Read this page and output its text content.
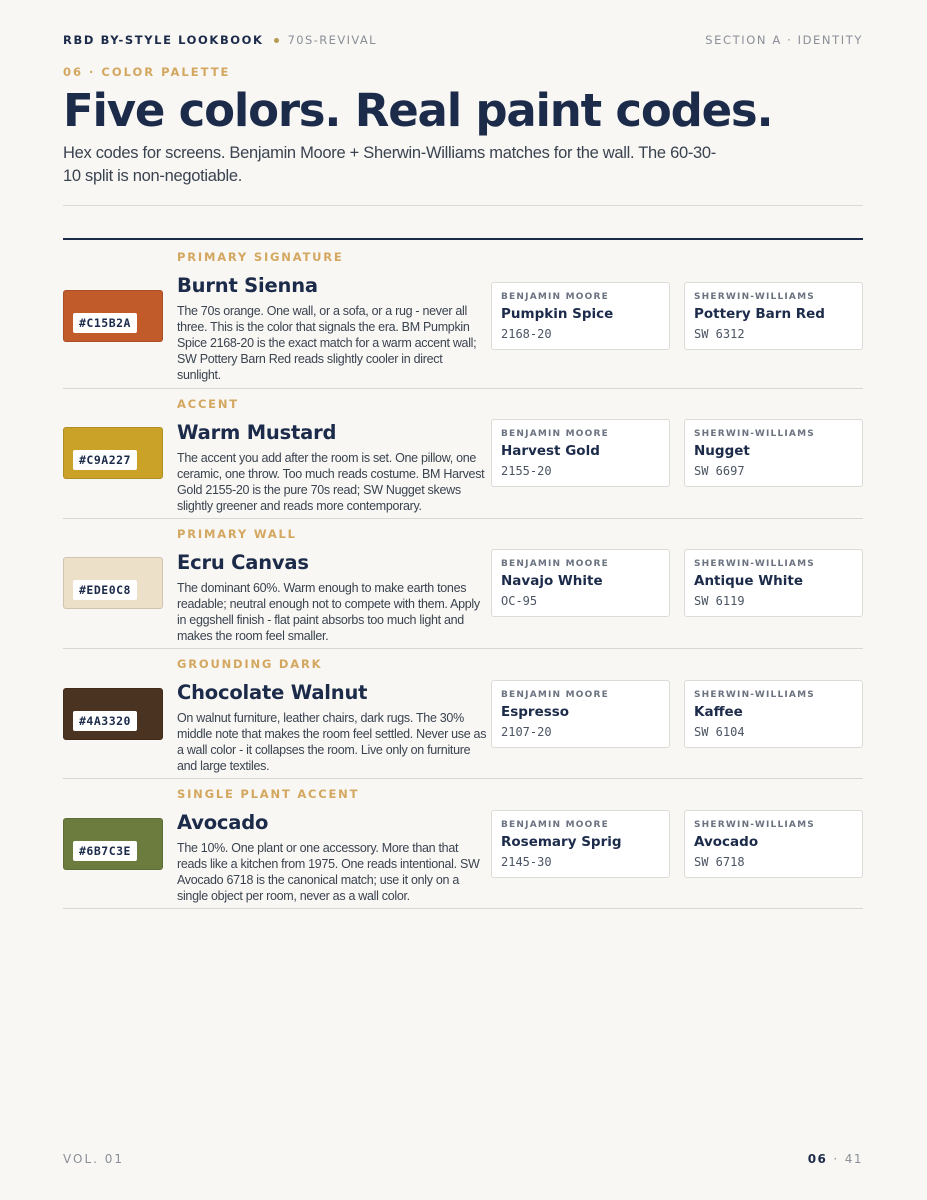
RBD BY-STYLE LOOKBOOK 70S-REVIVAL	SECTION A · IDENTITY
06 · COLOR PALETTE
Five colors. Real paint codes.

Hex codes for screens. Benjamin Moore + Sherwin-Williams matches for the wall. The 60-30-10 split is non-negotiable.

#C15B2A
PRIMARY SIGNATURE
Burnt Sienna
The 70s orange. One wall, or a sofa, or a rug - never all three. This is the color that signals the era. BM Pumpkin Spice 2168-20 is the exact match for a warm accent wall; SW Pottery Barn Red reads slightly cooler in direct sunlight.
BENJAMIN MOORE
Pumpkin Spice
2168-20
SHERWIN-WILLIAMS
Pottery Barn Red
SW 6312
#C9A227
ACCENT
Warm Mustard
The accent you add after the room is set. One pillow, one ceramic, one throw. Too much reads costume. BM Harvest Gold 2155-20 is the pure 70s read; SW Nugget skews slightly greener and reads more contemporary.
BENJAMIN MOORE
Harvest Gold
2155-20
SHERWIN-WILLIAMS
Nugget
SW 6697
#EDE0C8
PRIMARY WALL
Ecru Canvas
The dominant 60%. Warm enough to make earth tones readable; neutral enough not to compete with them. Apply in eggshell finish - flat paint absorbs too much light and makes the room feel smaller.
BENJAMIN MOORE
Navajo White
OC-95
SHERWIN-WILLIAMS
Antique White
SW 6119
#4A3320
GROUNDING DARK
Chocolate Walnut
On walnut furniture, leather chairs, dark rugs. The 30% middle note that makes the room feel settled. Never use as a wall color - it collapses the room. Live only on furniture and large textiles.
BENJAMIN MOORE
Espresso
2107-20
SHERWIN-WILLIAMS
Kaffee
SW 6104
#6B7C3E
SINGLE PLANT ACCENT
Avocado
The 10%. One plant or one accessory. More than that reads like a kitchen from 1975. One reads intentional. SW Avocado 6718 is the canonical match; use it only on a single object per room, never as a wall color.
BENJAMIN MOORE
Rosemary Sprig
2145-30
SHERWIN-WILLIAMS
Avocado
SW 6718
VOL. 01	06 · 41
